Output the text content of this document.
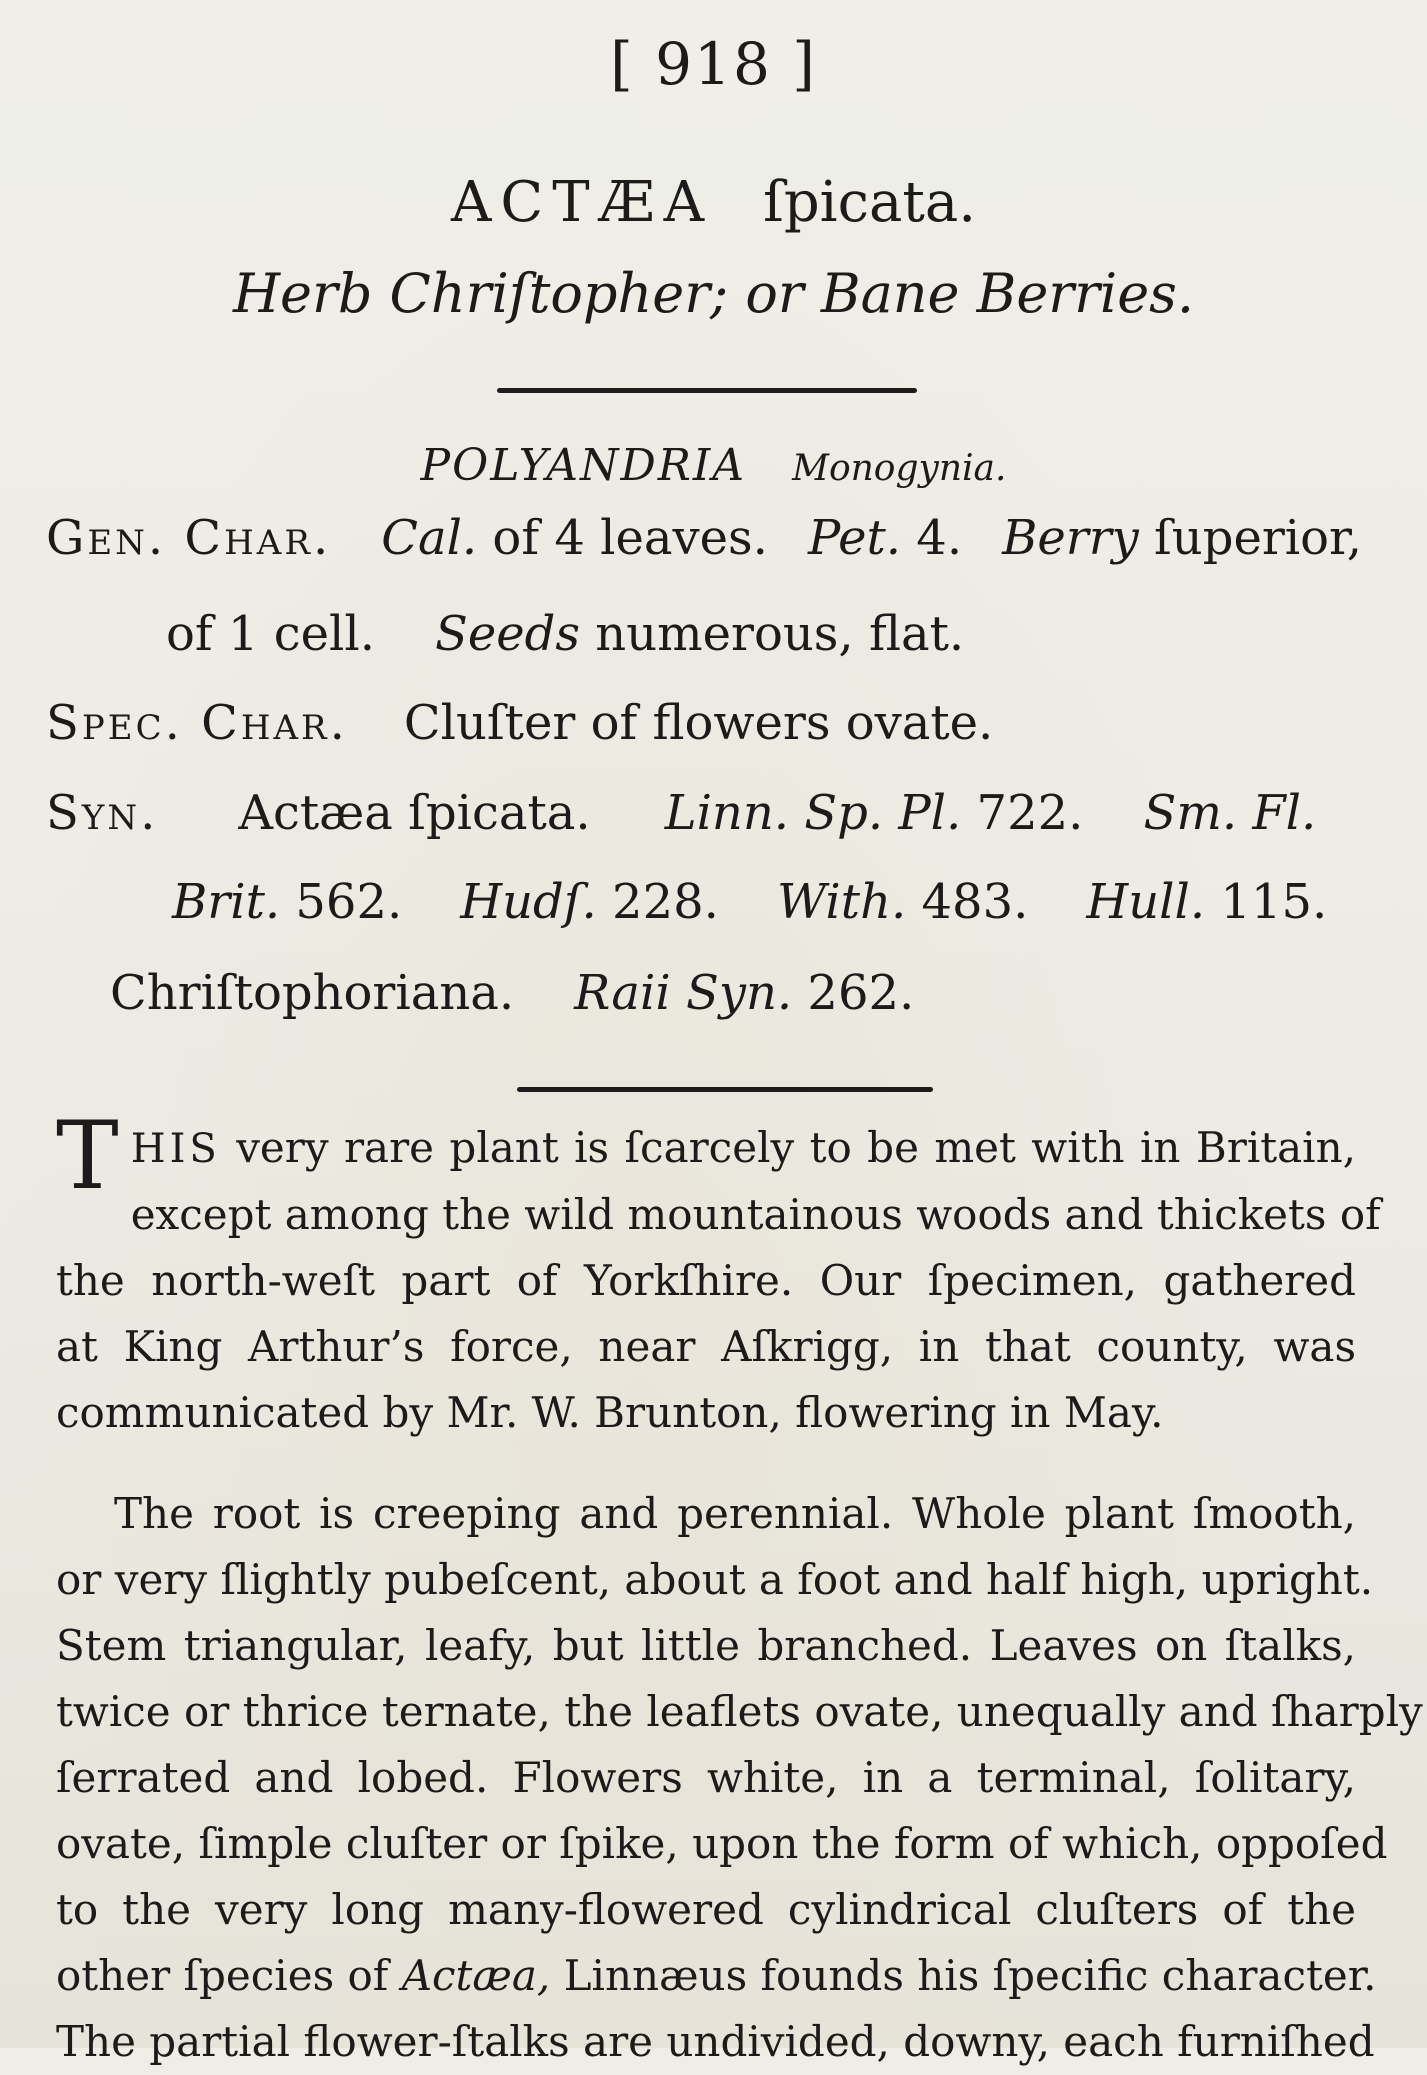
[ 918 ]
ACTÆA ſpicata.
Herb Chriſtopher; or Bane Berries.
POLYANDRIA Monogynia.
Gen. Char. Cal. of 4 leaves. Pet. 4. Berry ſuperior,
of 1 cell. Seeds numerous, flat.
Spec. Char. Cluſter of flowers ovate.
Syn. Actæa ſpicata. Linn. Sp. Pl. 722. Sm. Fl.
Brit. 562. Hudſ. 228. With. 483. Hull. 115.
Chriſtophoriana. Raii Syn. 262.
THIS very rare plant is ſcarcely to be met with in Britain,
except among the wild mountainous woods and thickets of
the north-weſt part of Yorkſhire. Our ſpecimen, gathered
at King Arthur’s force, near Aſkrigg, in that county, was
communicated by Mr. W. Brunton, flowering in May.
The root is creeping and perennial. Whole plant ſmooth,
or very ſlightly pubeſcent, about a foot and half high, upright.
Stem triangular, leafy, but little branched. Leaves on ſtalks,
twice or thrice ternate, the leaflets ovate, unequally and ſharply
ſerrated and lobed. Flowers white, in a terminal, ſolitary,
ovate, ſimple cluſter or ſpike, upon the form of which, oppoſed
to the very long many-flowered cylindrical cluſters of the
other ſpecies of Actæa, Linnæus founds his ſpecific character.
The partial flower-ſtalks are undivided, downy, each furniſhed
